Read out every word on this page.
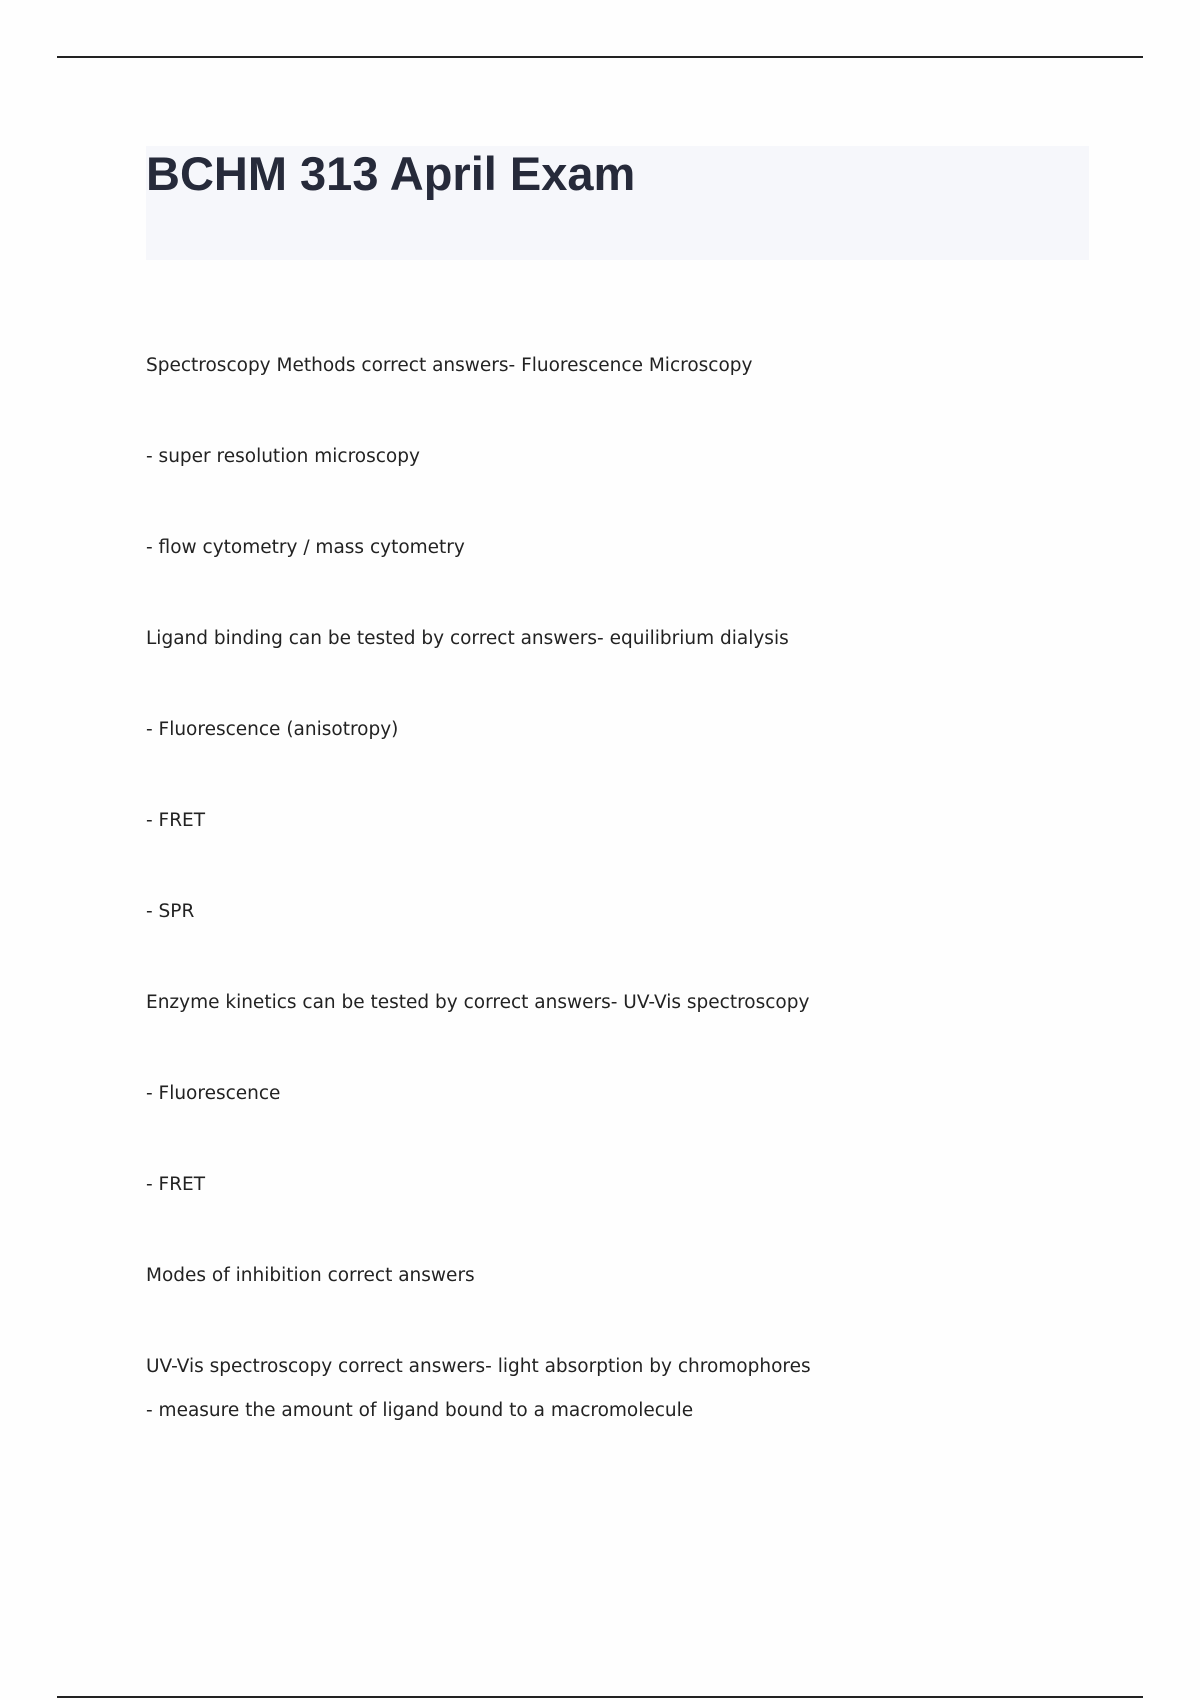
BCHM 313 April Exam

Spectroscopy Methods correct answers- Fluorescence Microscopy

- super resolution microscopy

- flow cytometry / mass cytometry

Ligand binding can be tested by correct answers- equilibrium dialysis

- Fluorescence (anisotropy)

- FRET

- SPR

Enzyme kinetics can be tested by correct answers- UV-Vis spectroscopy

- Fluorescence

- FRET

Modes of inhibition correct answers

UV-Vis spectroscopy correct answers- light absorption by chromophores

- measure the amount of ligand bound to a macromolecule
